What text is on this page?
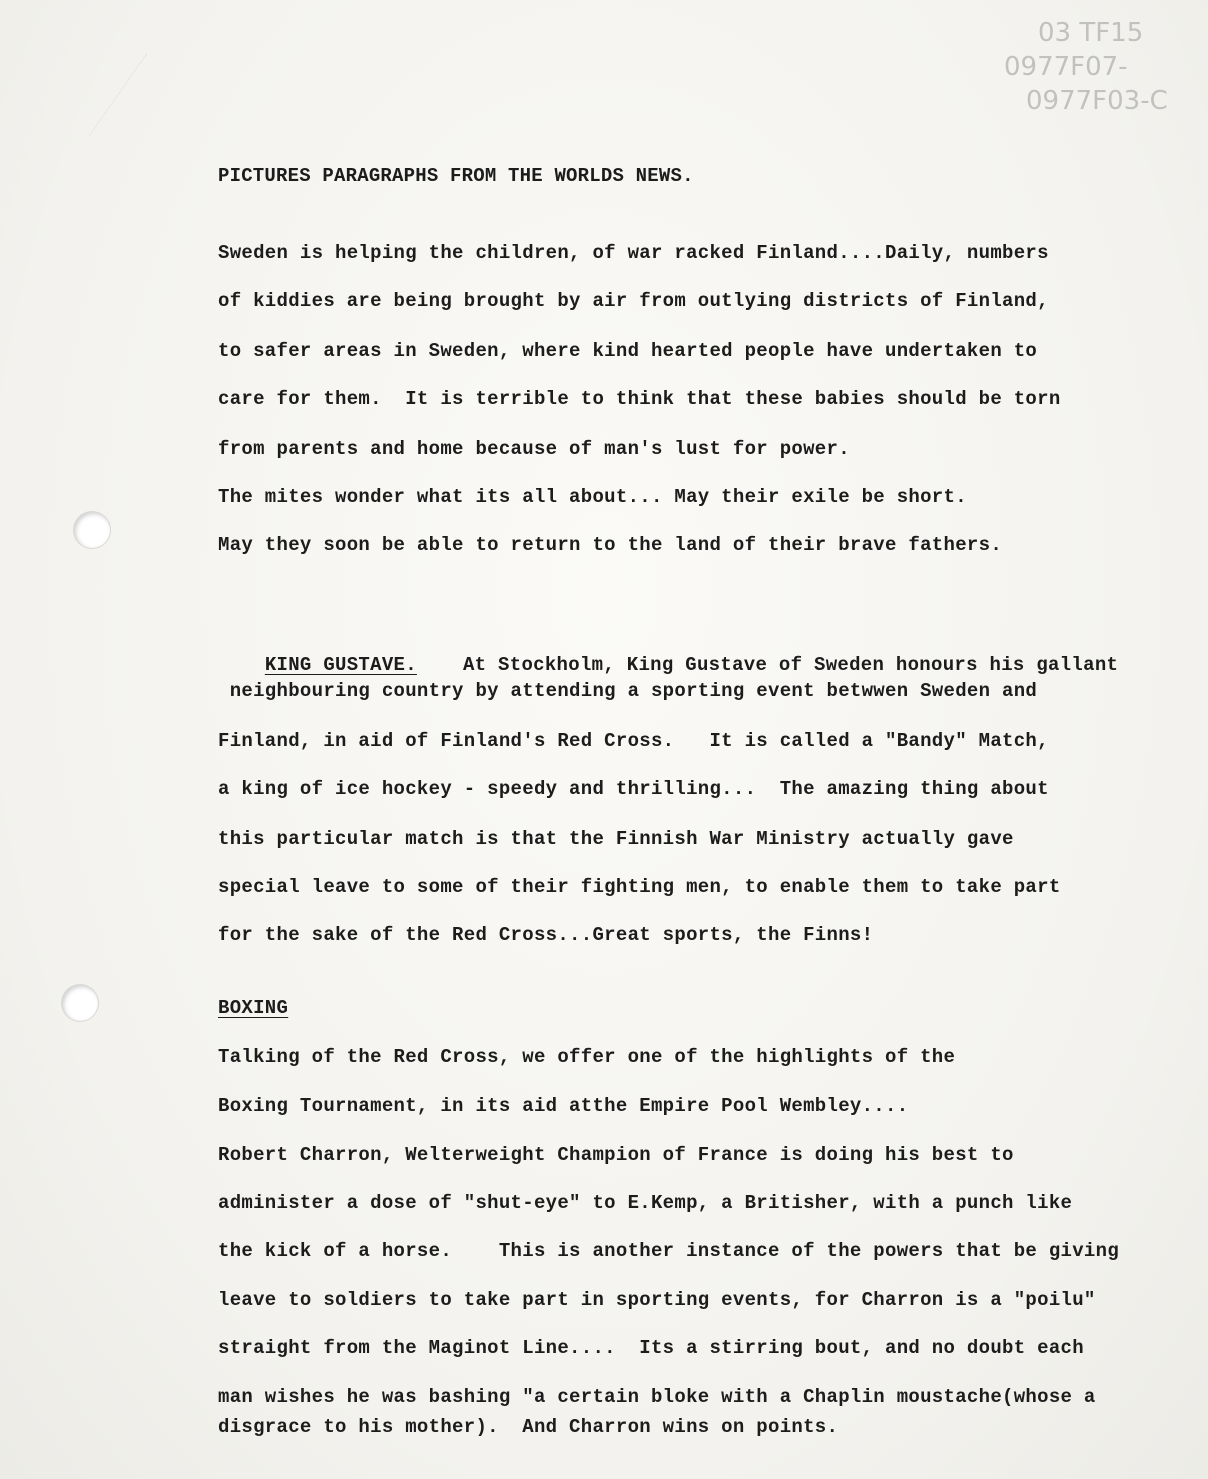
03 TF15
0977F07-
0977F03-C
PICTURES PARAGRAPHS FROM THE WORLDS NEWS.
Sweden is helping the children, of war racked Finland....Daily, numbers
of kiddies are being brought by air from outlying districts of Finland,
to safer areas in Sweden, where kind hearted people have undertaken to
care for them.  It is terrible to think that these babies should be torn
from parents and home because of man's lust for power.
The mites wonder what its all about... May their exile be short.
May they soon be able to return to the land of their brave fathers.

KING GUSTAVE. At Stockholm, King Gustave of Sweden honours his gallant

neighbouring country by attending a sporting event betwwen Sweden and
Finland, in aid of Finland's Red Cross.   It is called a "Bandy" Match,
a king of ice hockey - speedy and thrilling...  The amazing thing about
this particular match is that the Finnish War Ministry actually gave
special leave to some of their fighting men, to enable them to take part
for the sake of the Red Cross...Great sports, the Finns!
BOXING
Talking of the Red Cross, we offer one of the highlights of the
Boxing Tournament, in its aid atthe Empire Pool Wembley....
Robert Charron, Welterweight Champion of France is doing his best to
administer a dose of "shut-eye" to E.Kemp, a Britisher, with a punch like
the kick of a horse.    This is another instance of the powers that be giving
leave to soldiers to take part in sporting events, for Charron is a "poilu"
straight from the Maginot Line....  Its a stirring bout, and no doubt each
man wishes he was bashing "a certain bloke with a Chaplin moustache(whose a
disgrace to his mother).  And Charron wins on points.
